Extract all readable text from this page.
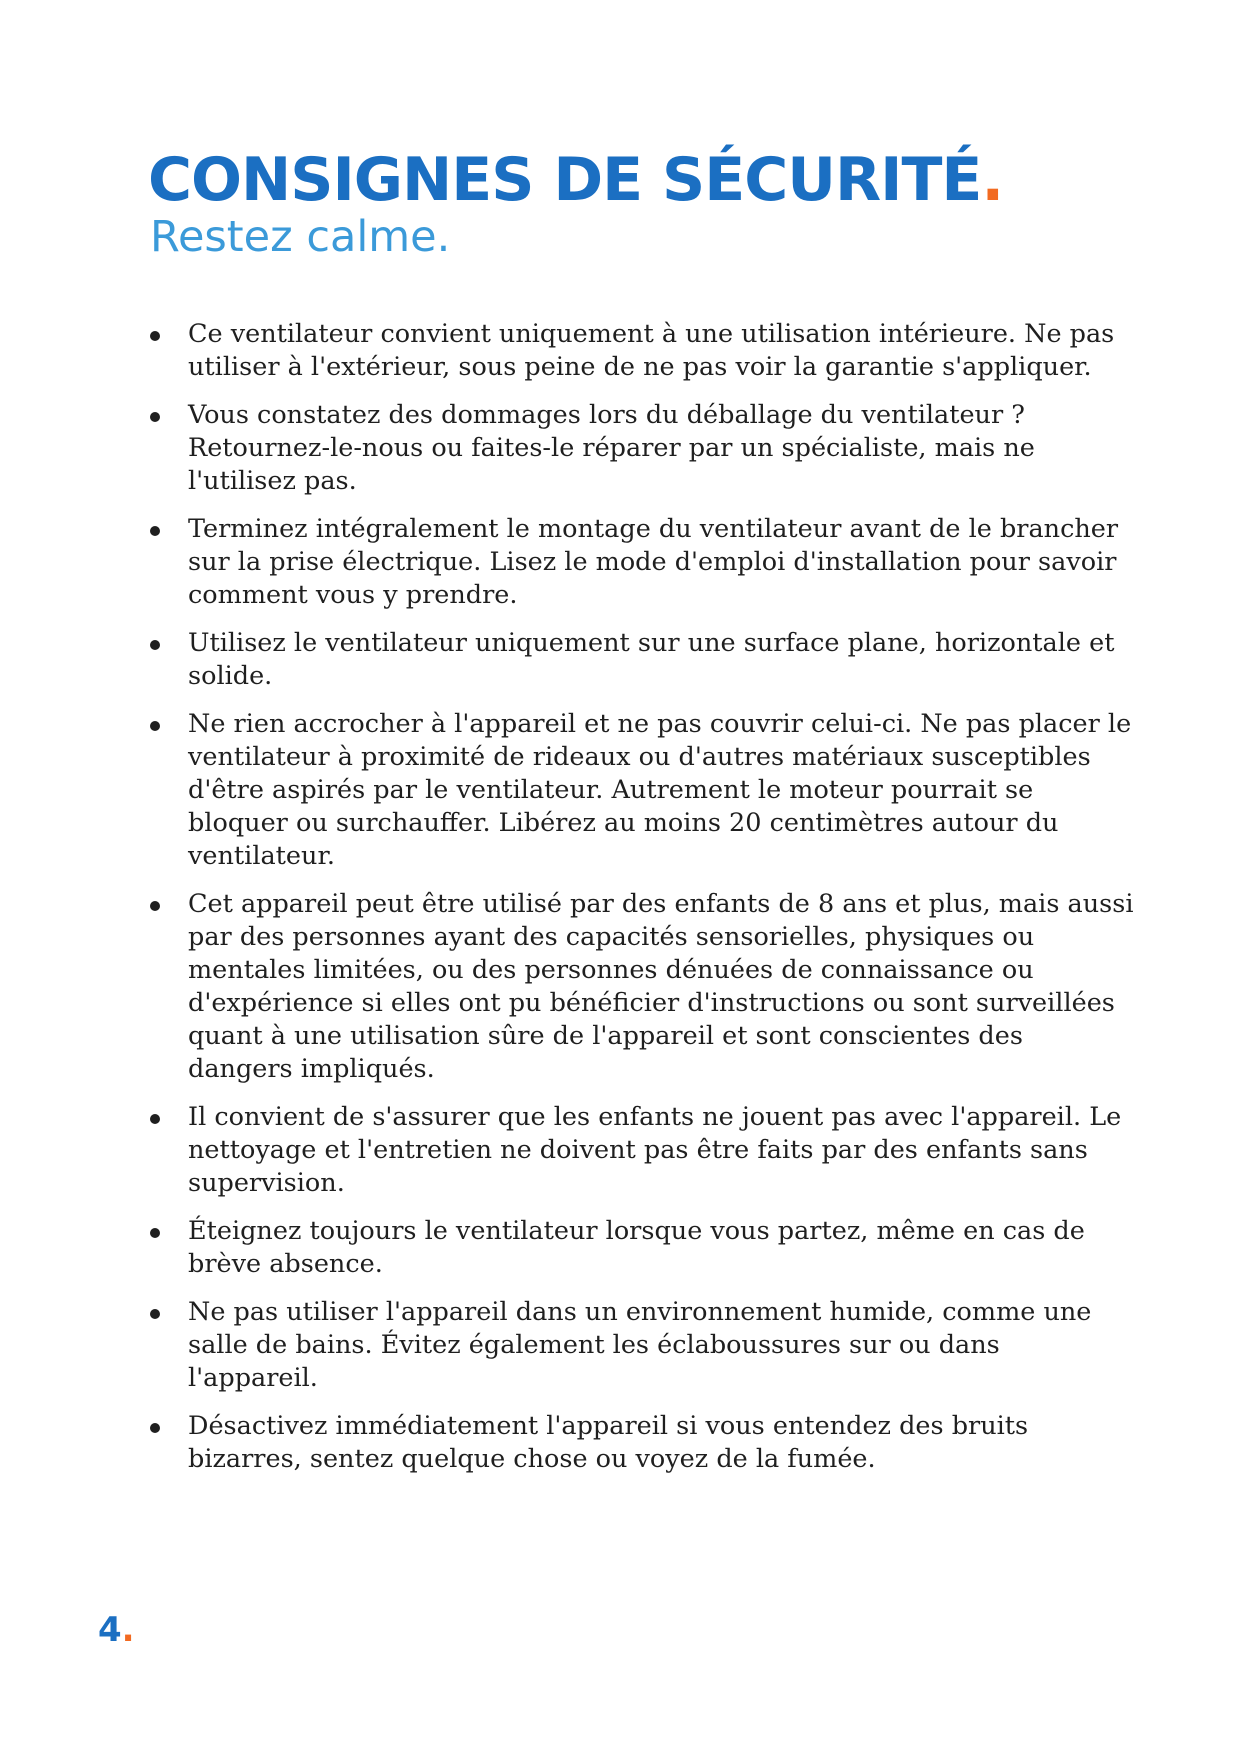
CONSIGNES DE SÉCURITÉ.
Restez calme.
Ce ventilateur convient uniquement à une utilisation intérieure. Ne pas utiliser à l'extérieur, sous peine de ne pas voir la garantie s'appliquer.
Vous constatez des dommages lors du déballage du ventilateur ? Retournez-le-nous ou faites-le réparer par un spécialiste, mais ne l'utilisez pas.
Terminez intégralement le montage du ventilateur avant de le brancher sur la prise électrique. Lisez le mode d'emploi d'installation pour savoir comment vous y prendre.
Utilisez le ventilateur uniquement sur une surface plane, horizontale et solide.
Ne rien accrocher à l'appareil et ne pas couvrir celui-ci. Ne pas placer le ventilateur à proximité de rideaux ou d'autres matériaux susceptibles d'être aspirés par le ventilateur. Autrement le moteur pourrait se bloquer ou surchauffer. Libérez au moins 20 centimètres autour du ventilateur.
Cet appareil peut être utilisé par des enfants de 8 ans et plus, mais aussi par des personnes ayant des capacités sensorielles, physiques ou mentales limitées, ou des personnes dénuées de connaissance ou d'expérience si elles ont pu bénéficier d'instructions ou sont surveillées quant à une utilisation sûre de l'appareil et sont conscientes des dangers impliqués.
Il convient de s'assurer que les enfants ne jouent pas avec l'appareil. Le nettoyage et l'entretien ne doivent pas être faits par des enfants sans supervision.
Éteignez toujours le ventilateur lorsque vous partez, même en cas de brève absence.
Ne pas utiliser l'appareil dans un environnement humide, comme une salle de bains. Évitez également les éclaboussures sur ou dans l'appareil.
Désactivez immédiatement l'appareil si vous entendez des bruits bizarres, sentez quelque chose ou voyez de la fumée.
4.
